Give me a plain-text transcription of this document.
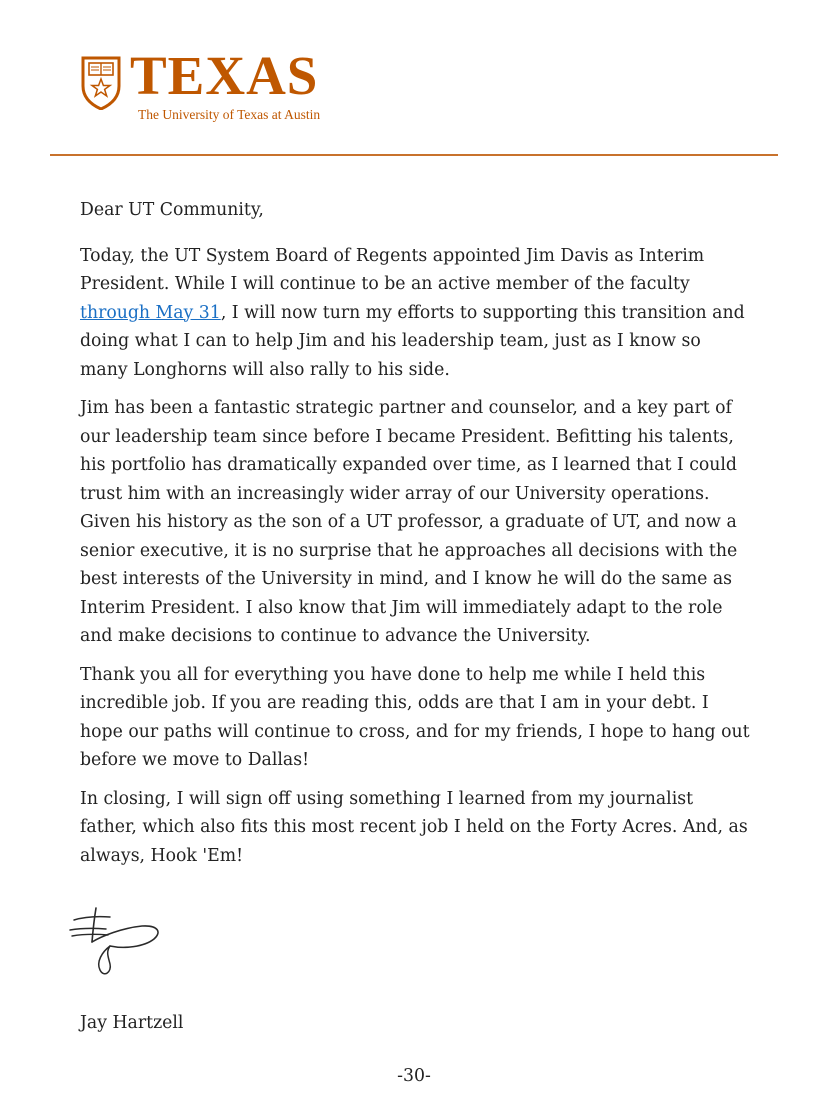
TEXAS
The University of Texas at Austin

Dear UT Community,

Today, the UT System Board of Regents appointed Jim Davis as Interim President. While I will continue to be an active member of the faculty through May 31, I will now turn my efforts to supporting this transition and doing what I can to help Jim and his leadership team, just as I know so many Longhorns will also rally to his side.

Jim has been a fantastic strategic partner and counselor, and a key part of our leadership team since before I became President. Befitting his talents, his portfolio has dramatically expanded over time, as I learned that I could trust him with an increasingly wider array of our University operations. Given his history as the son of a UT professor, a graduate of UT, and now a senior executive, it is no surprise that he approaches all decisions with the best interests of the University in mind, and I know he will do the same as Interim President. I also know that Jim will immediately adapt to the role and make decisions to continue to advance the University.

Thank you all for everything you have done to help me while I held this incredible job. If you are reading this, odds are that I am in your debt. I hope our paths will continue to cross, and for my friends, I hope to hang out before we move to Dallas!

In closing, I will sign off using something I learned from my journalist father, which also fits this most recent job I held on the Forty Acres. And, as always, Hook 'Em!

Jay Hartzell
-30-
